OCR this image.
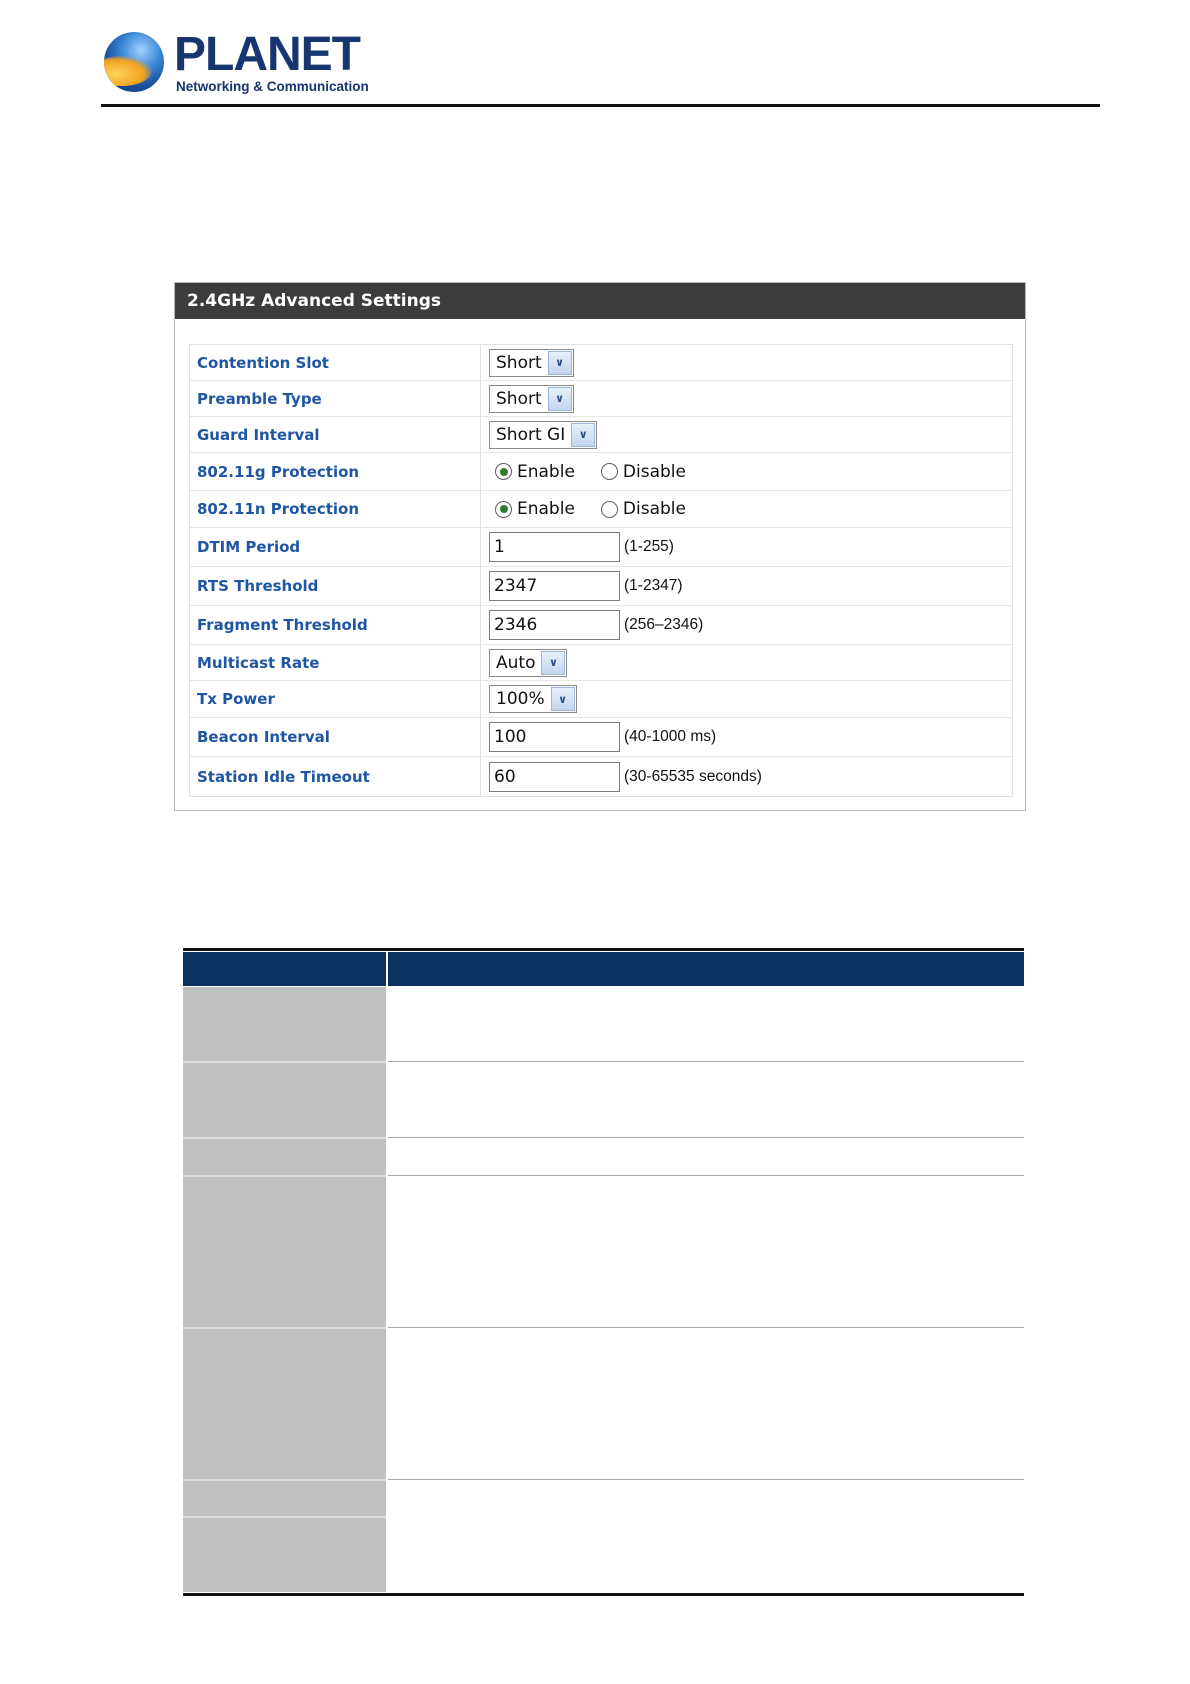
PLANET
Networking & Communication
2.4GHz Advanced Settings
Contention Slot	Short ∨

Preamble Type	Short ∨

Guard Interval	Short GI ∨

802.11g Protection	Enable Disable

802.11n Protection	Enable Disable

DTIM Period	1 (1-255)
RTS Threshold	2347 (1-2347)
Fragment Threshold	2346 (256–2346)
Multicast Rate	Auto ∨

Tx Power	100% ∨

Beacon Interval	100 (40-1000 ms)
Station Idle Timeout	60 (30-65535 seconds)
